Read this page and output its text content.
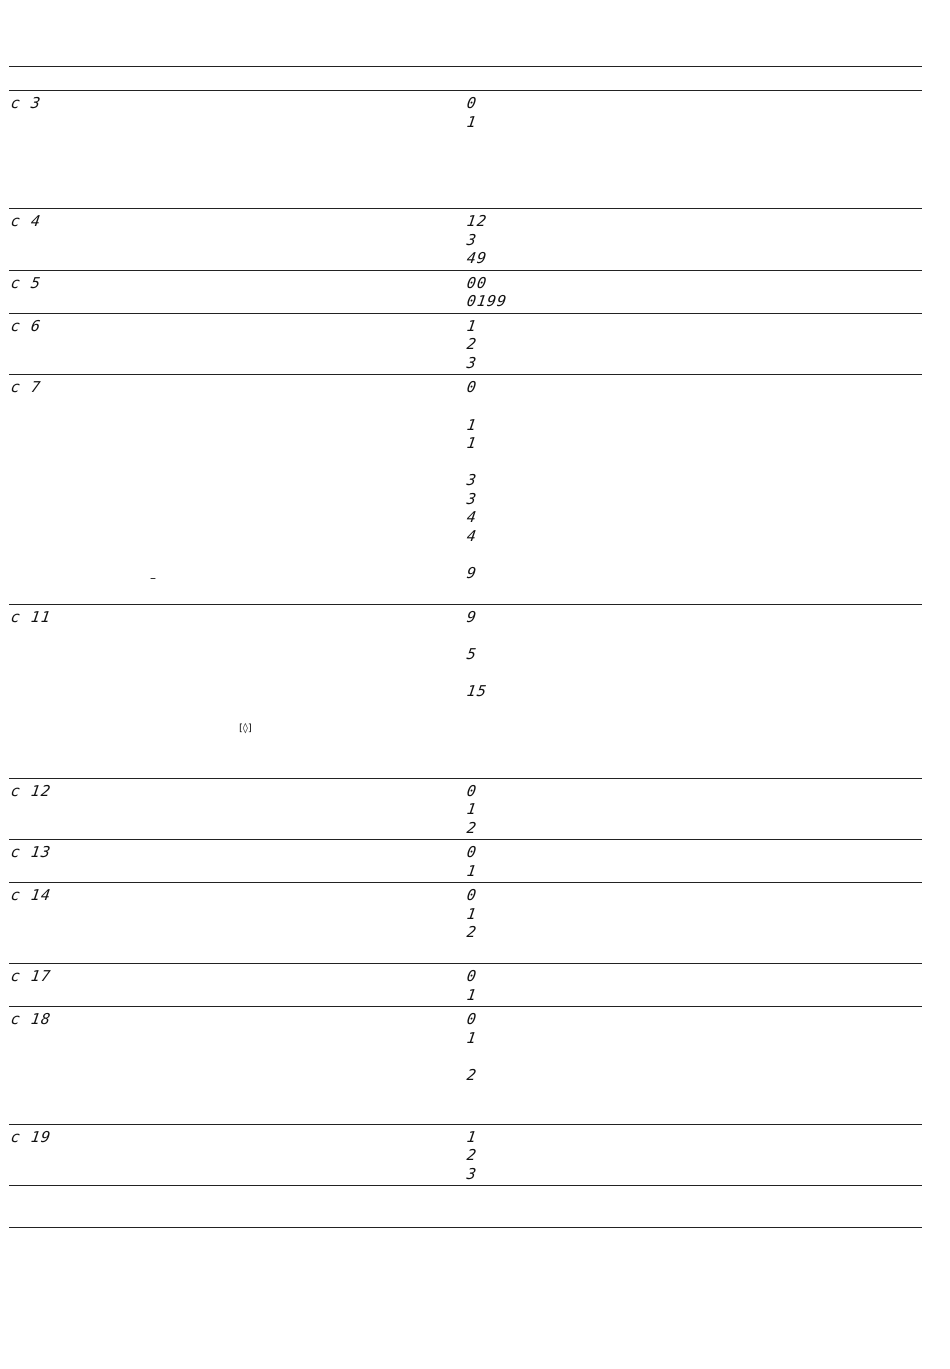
c 3	0
1
c 4	12
3
49
c 5	00
0199
c 6	1
2
3
c 7	0
1
1
3
3
4
4
9
–
c 11	9
5
15
[◊]
c 12	0
1
2
c 13	0
1
c 14	0
1
2
c 17	0
1
c 18	0
1
2
c 19	1
2
3
